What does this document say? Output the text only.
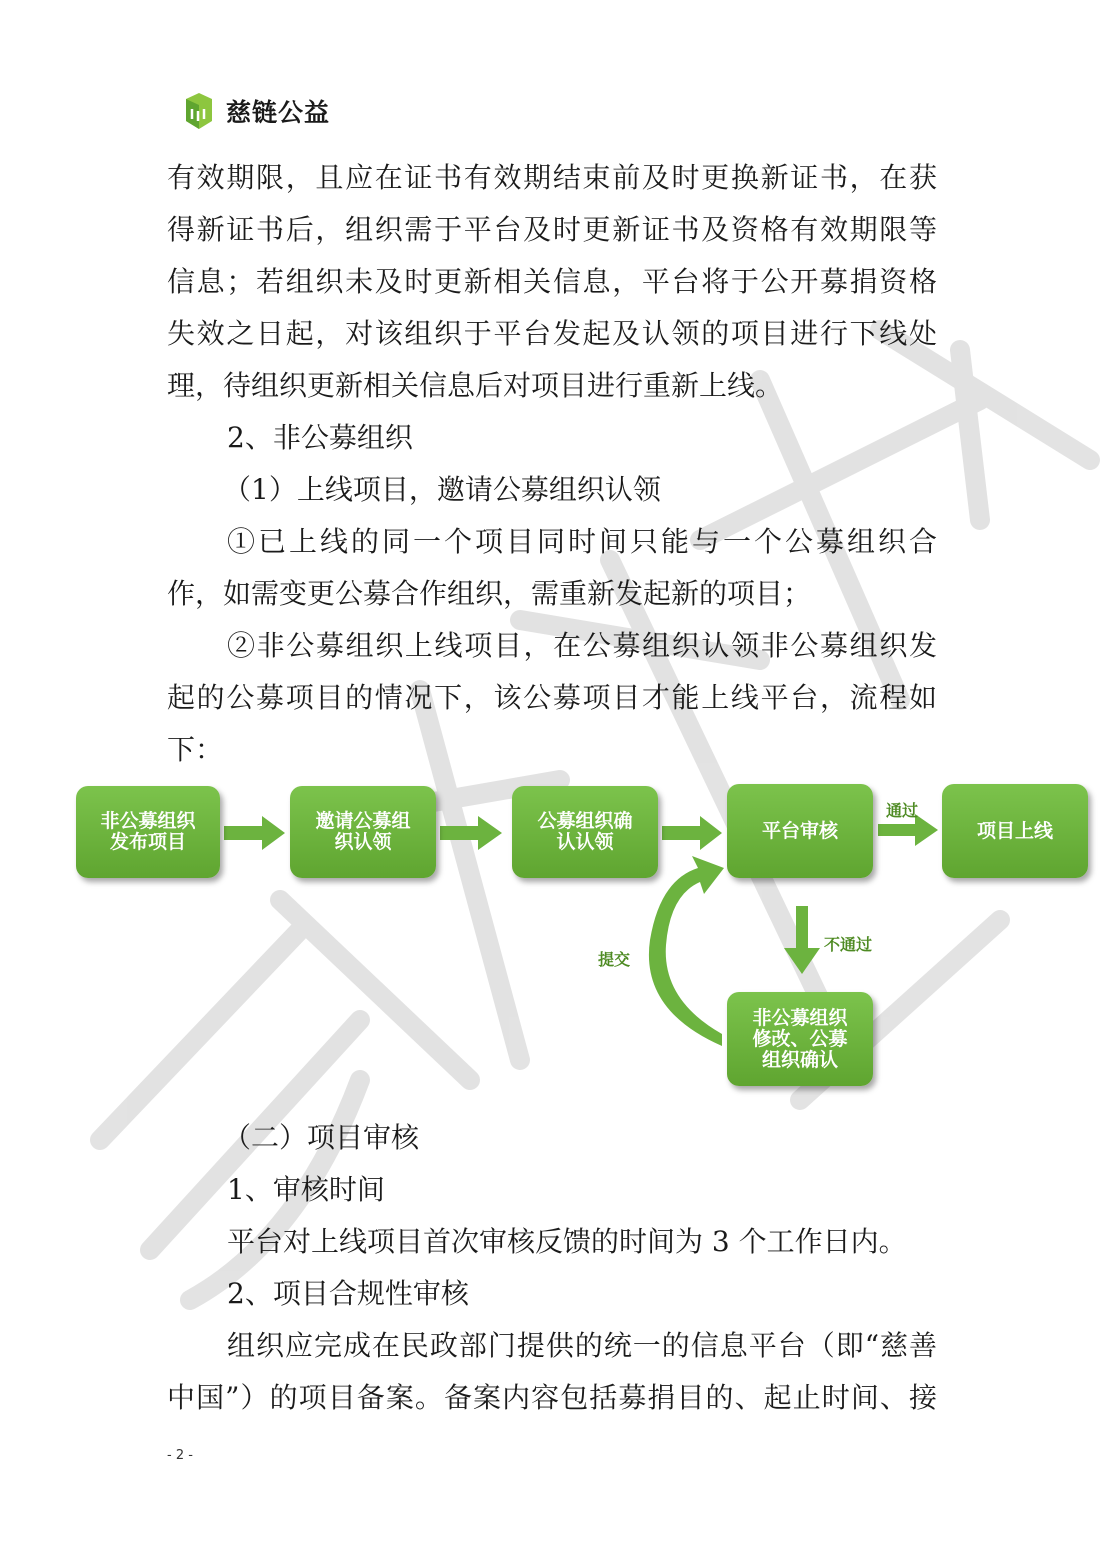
慈链公益
有效期限，且应在证书有效期结束前及时更换新证书，在获
得新证书后，组织需于平台及时更新证书及资格有效期限等
信息；若组织未及时更新相关信息，平台将于公开募捐资格
失效之日起，对该组织于平台发起及认领的项目进行下线处
理，待组织更新相关信息后对项目进行重新上线。
2、非公募组织
（1）上线项目，邀请公募组织认领
①已上线的同一个项目同时间只能与一个公募组织合
作，如需变更公募合作组织，需重新发起新的项目；
②非公募组织上线项目，在公募组织认领非公募组织发
起的公募项目的情况下，该公募项目才能上线平台，流程如
下：
非公募组织
发布项目
邀请公募组
织认领
公募组织确
认认领
平台审核	项目上线
非公募组织
修改、公募
组织确认
通过
不通过
提交
（二）项目审核
1、审核时间
平台对上线项目首次审核反馈的时间为 3 个工作日内。
2、项目合规性审核
组织应完成在民政部门提供的统一的信息平台（即“慈善
中国”）的项目备案。备案内容包括募捐目的、起止时间、接
- 2 -
